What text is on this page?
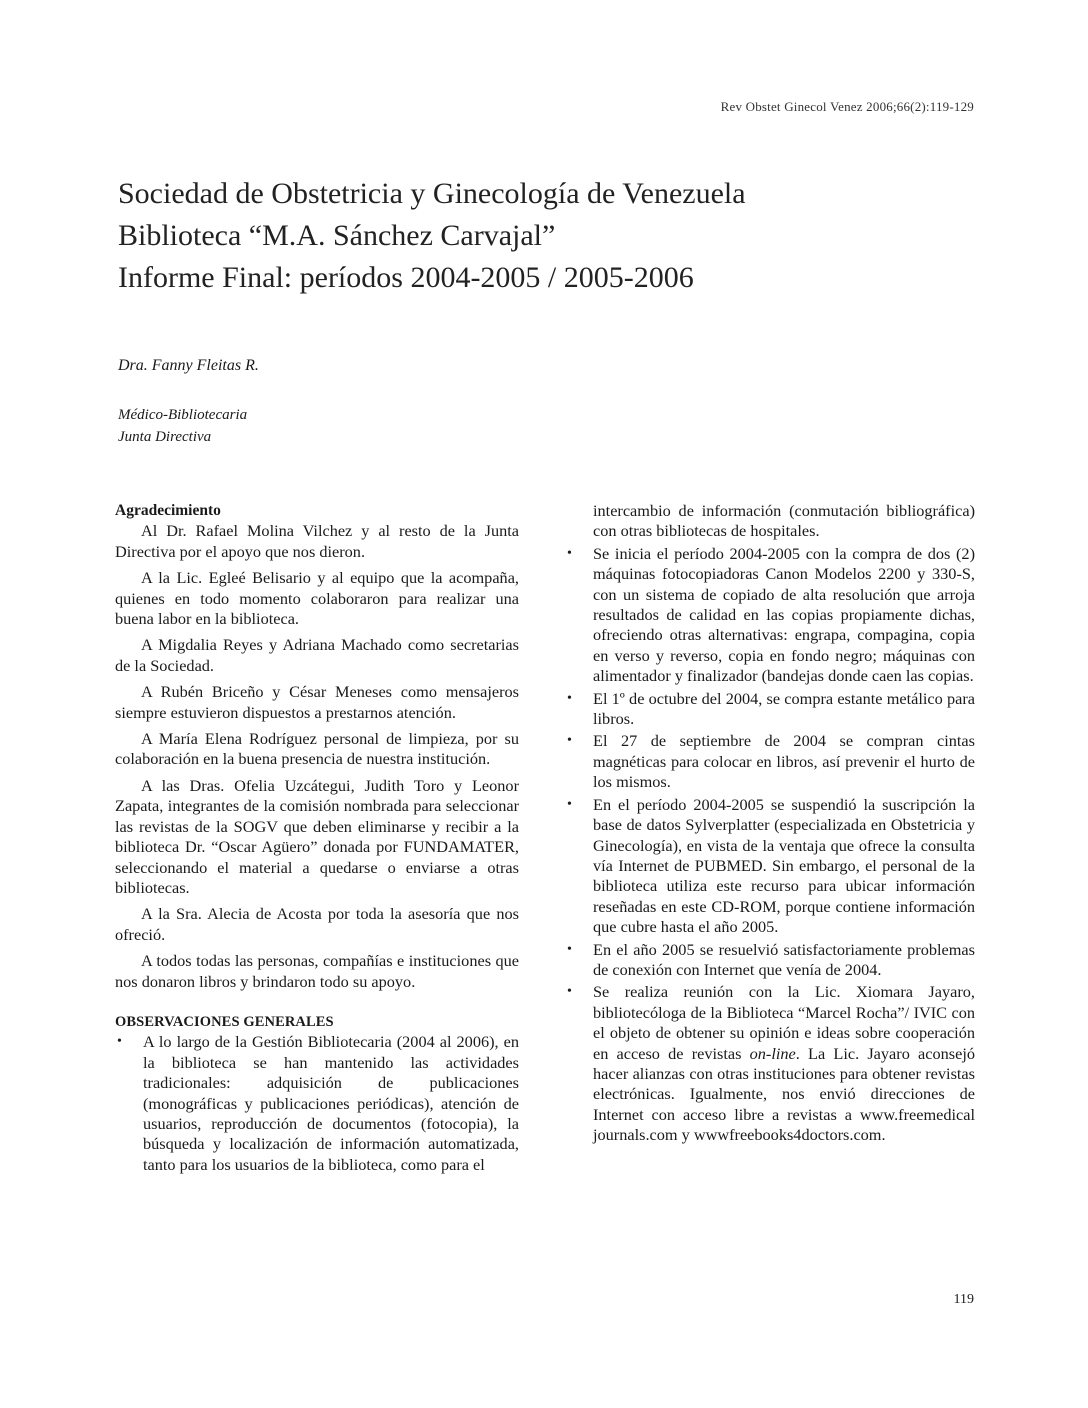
Rev Obstet Ginecol Venez 2006;66(2):119-129
Sociedad de Obstetricia y Ginecología de Venezuela
Biblioteca “M.A. Sánchez Carvajal”
Informe Final: períodos 2004-2005 / 2005-2006
Dra. Fanny Fleitas R.
Médico-Bibliotecaria
Junta Directiva
Agradecimiento

Al Dr. Rafael Molina Vilchez y al resto de la Junta Directiva por el apoyo que nos dieron.

A la Lic. Egleé Belisario y al equipo que la acompaña, quienes en todo momento colaboraron para realizar una buena labor en la biblioteca.

A Migdalia Reyes y Adriana Machado como secretarias de la Sociedad.

A Rubén Briceño y César Meneses como mensajeros siempre estuvieron dispuestos a prestarnos atención.

A María Elena Rodríguez personal de limpieza, por su colaboración en la buena presencia de nuestra institución.

A las Dras. Ofelia Uzcátegui, Judith Toro y Leonor Zapata, integrantes de la comisión nombrada para seleccionar las revistas de la SOGV que deben eliminarse y recibir a la biblioteca Dr. “Oscar Agüero” donada por FUNDAMATER, seleccionando el material a quedarse o enviarse a otras bibliotecas.

A la Sra. Alecia de Acosta por toda la asesoría que nos ofreció.

A todos todas las personas, compañías e instituciones que nos donaron libros y brindaron todo su apoyo.

OBSERVACIONES GENERALES
• A lo largo de la Gestión Bibliotecaria (2004 al 2006), en la biblioteca se han mantenido las actividades tradicionales: adquisición de publicaciones (monográficas y publicaciones periódicas), atención de usuarios, reproducción de documentos (fotocopia), la búsqueda y localización de información automatizada, tanto para los usuarios de la biblioteca, como para el
intercambio de información (conmutación bibliográfica) con otras bibliotecas de hospitales.
• Se inicia el período 2004-2005 con la compra de dos (2) máquinas fotocopiadoras Canon Modelos 2200 y 330-S, con un sistema de copiado de alta resolución que arroja resultados de calidad en las copias propiamente dichas, ofreciendo otras alternativas: engrapa, compagina, copia en verso y reverso, copia en fondo negro; máquinas con alimentador y finalizador (bandejas donde caen las copias.
• El 1º de octubre del 2004, se compra estante metálico para libros.
• El 27 de septiembre de 2004 se compran cintas magnéticas para colocar en libros, así prevenir el hurto de los mismos.
• En el período 2004-2005 se suspendió la suscripción la base de datos Sylverplatter (especializada en Obstetricia y Ginecología), en vista de la ventaja que ofrece la consulta vía Internet de PUBMED. Sin embargo, el personal de la biblioteca utiliza este recurso para ubicar información reseñadas en este CD-ROM, porque contiene información que cubre hasta el año 2005.
• En el año 2005 se resuelvió satisfactoriamente problemas de conexión con Internet que venía de 2004.
• Se realiza reunión con la Lic. Xiomara Jayaro, bibliotecóloga de la Biblioteca “Marcel Rocha”/ IVIC con el objeto de obtener su opinión e ideas sobre cooperación en acceso de revistas on-line. La Lic. Jayaro aconsejó hacer alianzas con otras instituciones para obtener revistas electrónicas. Igualmente, nos envió direcciones de Internet con acceso libre a revistas a www.freemedical journals.com y wwwfreebooks4doctors.com.
119
